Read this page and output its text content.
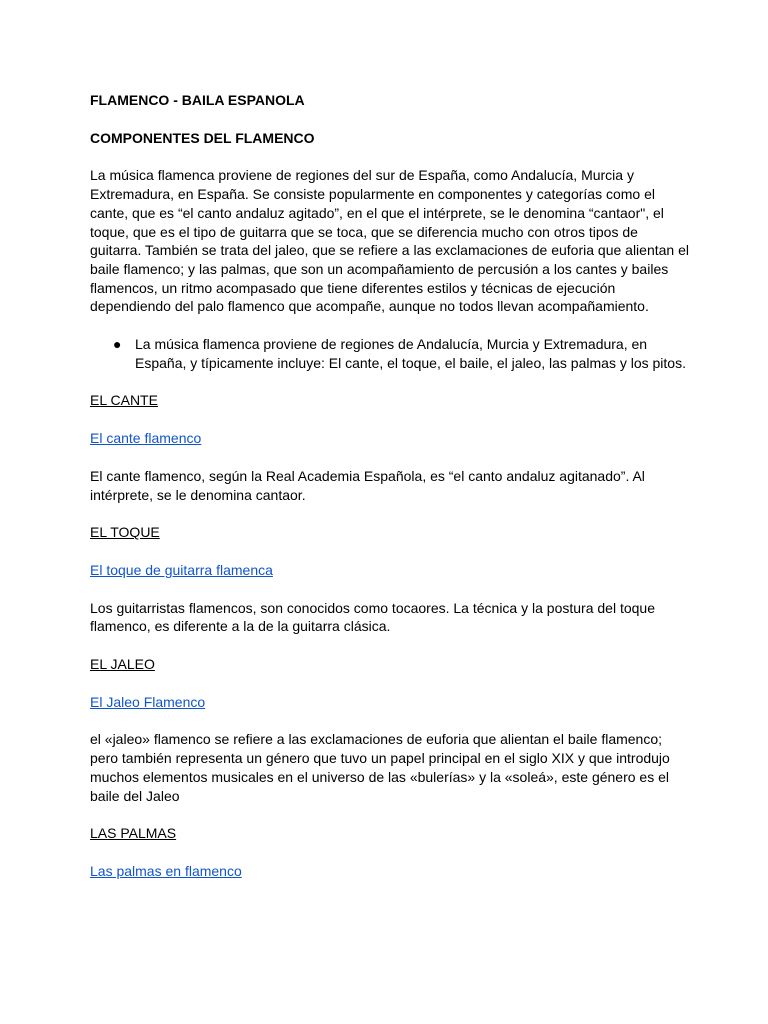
FLAMENCO - BAILA ESPANOLA

COMPONENTES DEL FLAMENCO

La música flamenca proviene de regiones del sur de España, como Andalucía, Murcia y Extremadura, en España. Se consiste popularmente en componentes y categorías como el cante, que es “el canto andaluz agitado”, en el que el intérprete, se le denomina “cantaor", el toque, que es el tipo de guitarra que se toca, que se diferencia mucho con otros tipos de guitarra. También se trata del jaleo, que se refiere a las exclamaciones de euforia que alientan el baile flamenco; y las palmas, que son un acompañamiento de percusión a los cantes y bailes flamencos, un ritmo acompasado que tiene diferentes estilos y técnicas de ejecución dependiendo del palo flamenco que acompañe, aunque no todos llevan acompañamiento.

● La música flamenca proviene de regiones de Andalucía, Murcia y Extremadura, en España, y típicamente incluye: El cante, el toque, el baile, el jaleo, las palmas y los pitos.

EL CANTE

El cante flamenco

El cante flamenco, según la Real Academia Española, es “el canto andaluz agitanado”. Al intérprete, se le denomina cantaor.

EL TOQUE

El toque de guitarra flamenca

Los guitarristas flamencos, son conocidos como tocaores. La técnica y la postura del toque flamenco, es diferente a la de la guitarra clásica.

EL JALEO

El Jaleo Flamenco

el «jaleo» flamenco se refiere a las exclamaciones de euforia que alientan el baile flamenco; pero también representa un género que tuvo un papel principal en el siglo XIX y que introdujo muchos elementos musicales en el universo de las «bulerías» y la «soleá», este género es el baile del Jaleo

LAS PALMAS

Las palmas en flamenco
